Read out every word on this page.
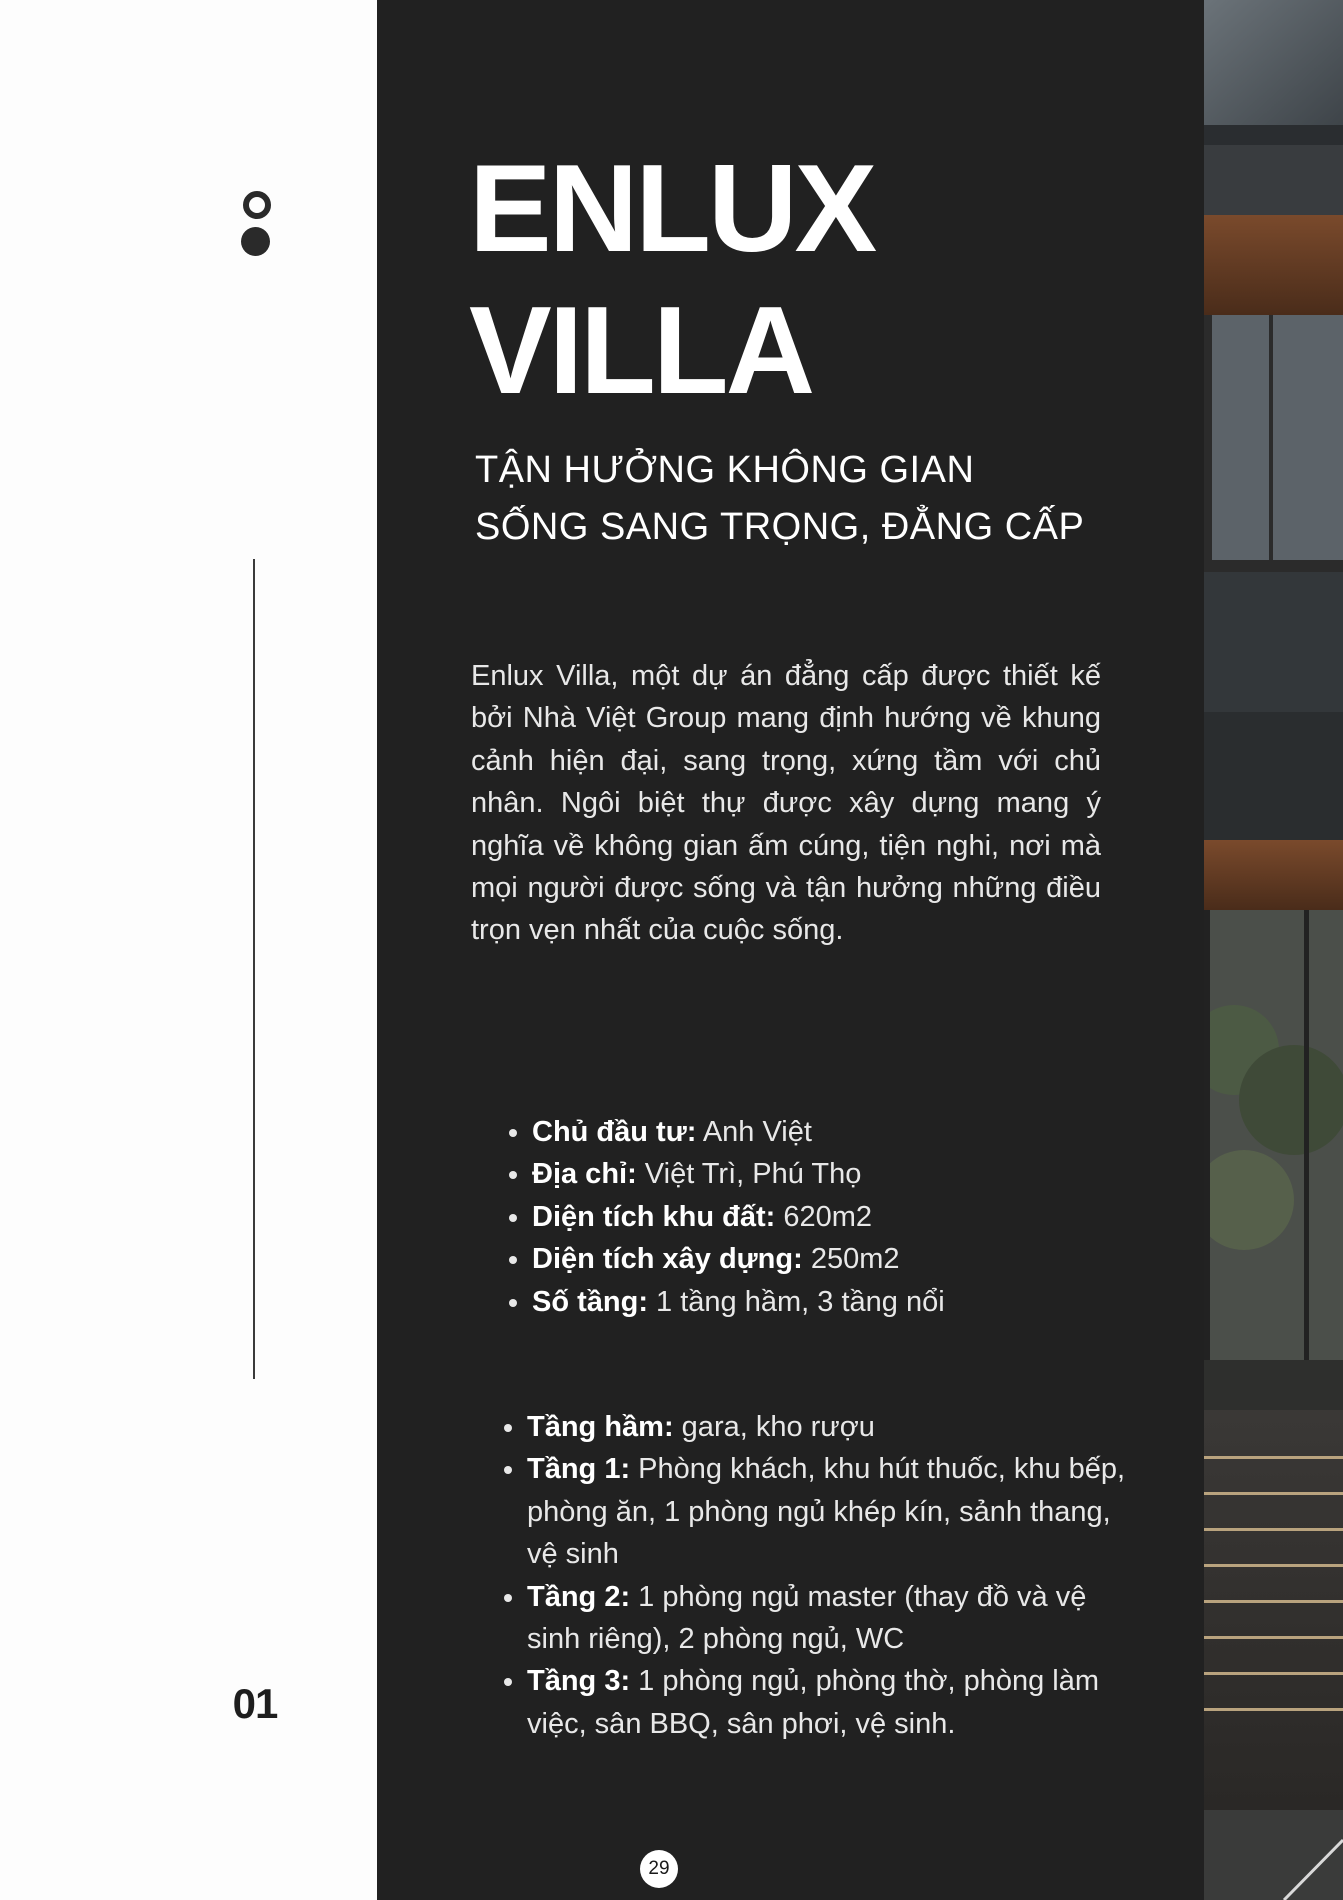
01
ENLUX
VILLA
TẬN HƯỞNG KHÔNG GIAN
SỐNG SANG TRỌNG, ĐẲNG CẤP

Enlux Villa, một dự án đẳng cấp được thiết kế bởi Nhà Việt Group mang định hướng về khung cảnh hiện đại, sang trọng, xứng tầm với chủ nhân. Ngôi biệt thự được xây dựng mang ý nghĩa về không gian ấm cúng, tiện nghi, nơi mà mọi người được sống và tận hưởng những điều trọn vẹn nhất của cuộc sống.

• Chủ đầu tư: Anh Việt
• Địa chỉ: Việt Trì, Phú Thọ
• Diện tích khu đất: 620m2
• Diện tích xây dựng: 250m2
• Số tầng: 1 tầng hầm, 3 tầng nổi
• Tầng hầm: gara, kho rượu
• Tầng 1: Phòng khách, khu hút thuốc, khu bếp, phòng ăn, 1 phòng ngủ khép kín, sảnh thang, vệ sinh
• Tầng 2: 1 phòng ngủ master (thay đồ và vệ sinh riêng), 2 phòng ngủ, WC
• Tầng 3: 1 phòng ngủ, phòng thờ, phòng làm việc, sân BBQ, sân phơi, vệ sinh.
29
